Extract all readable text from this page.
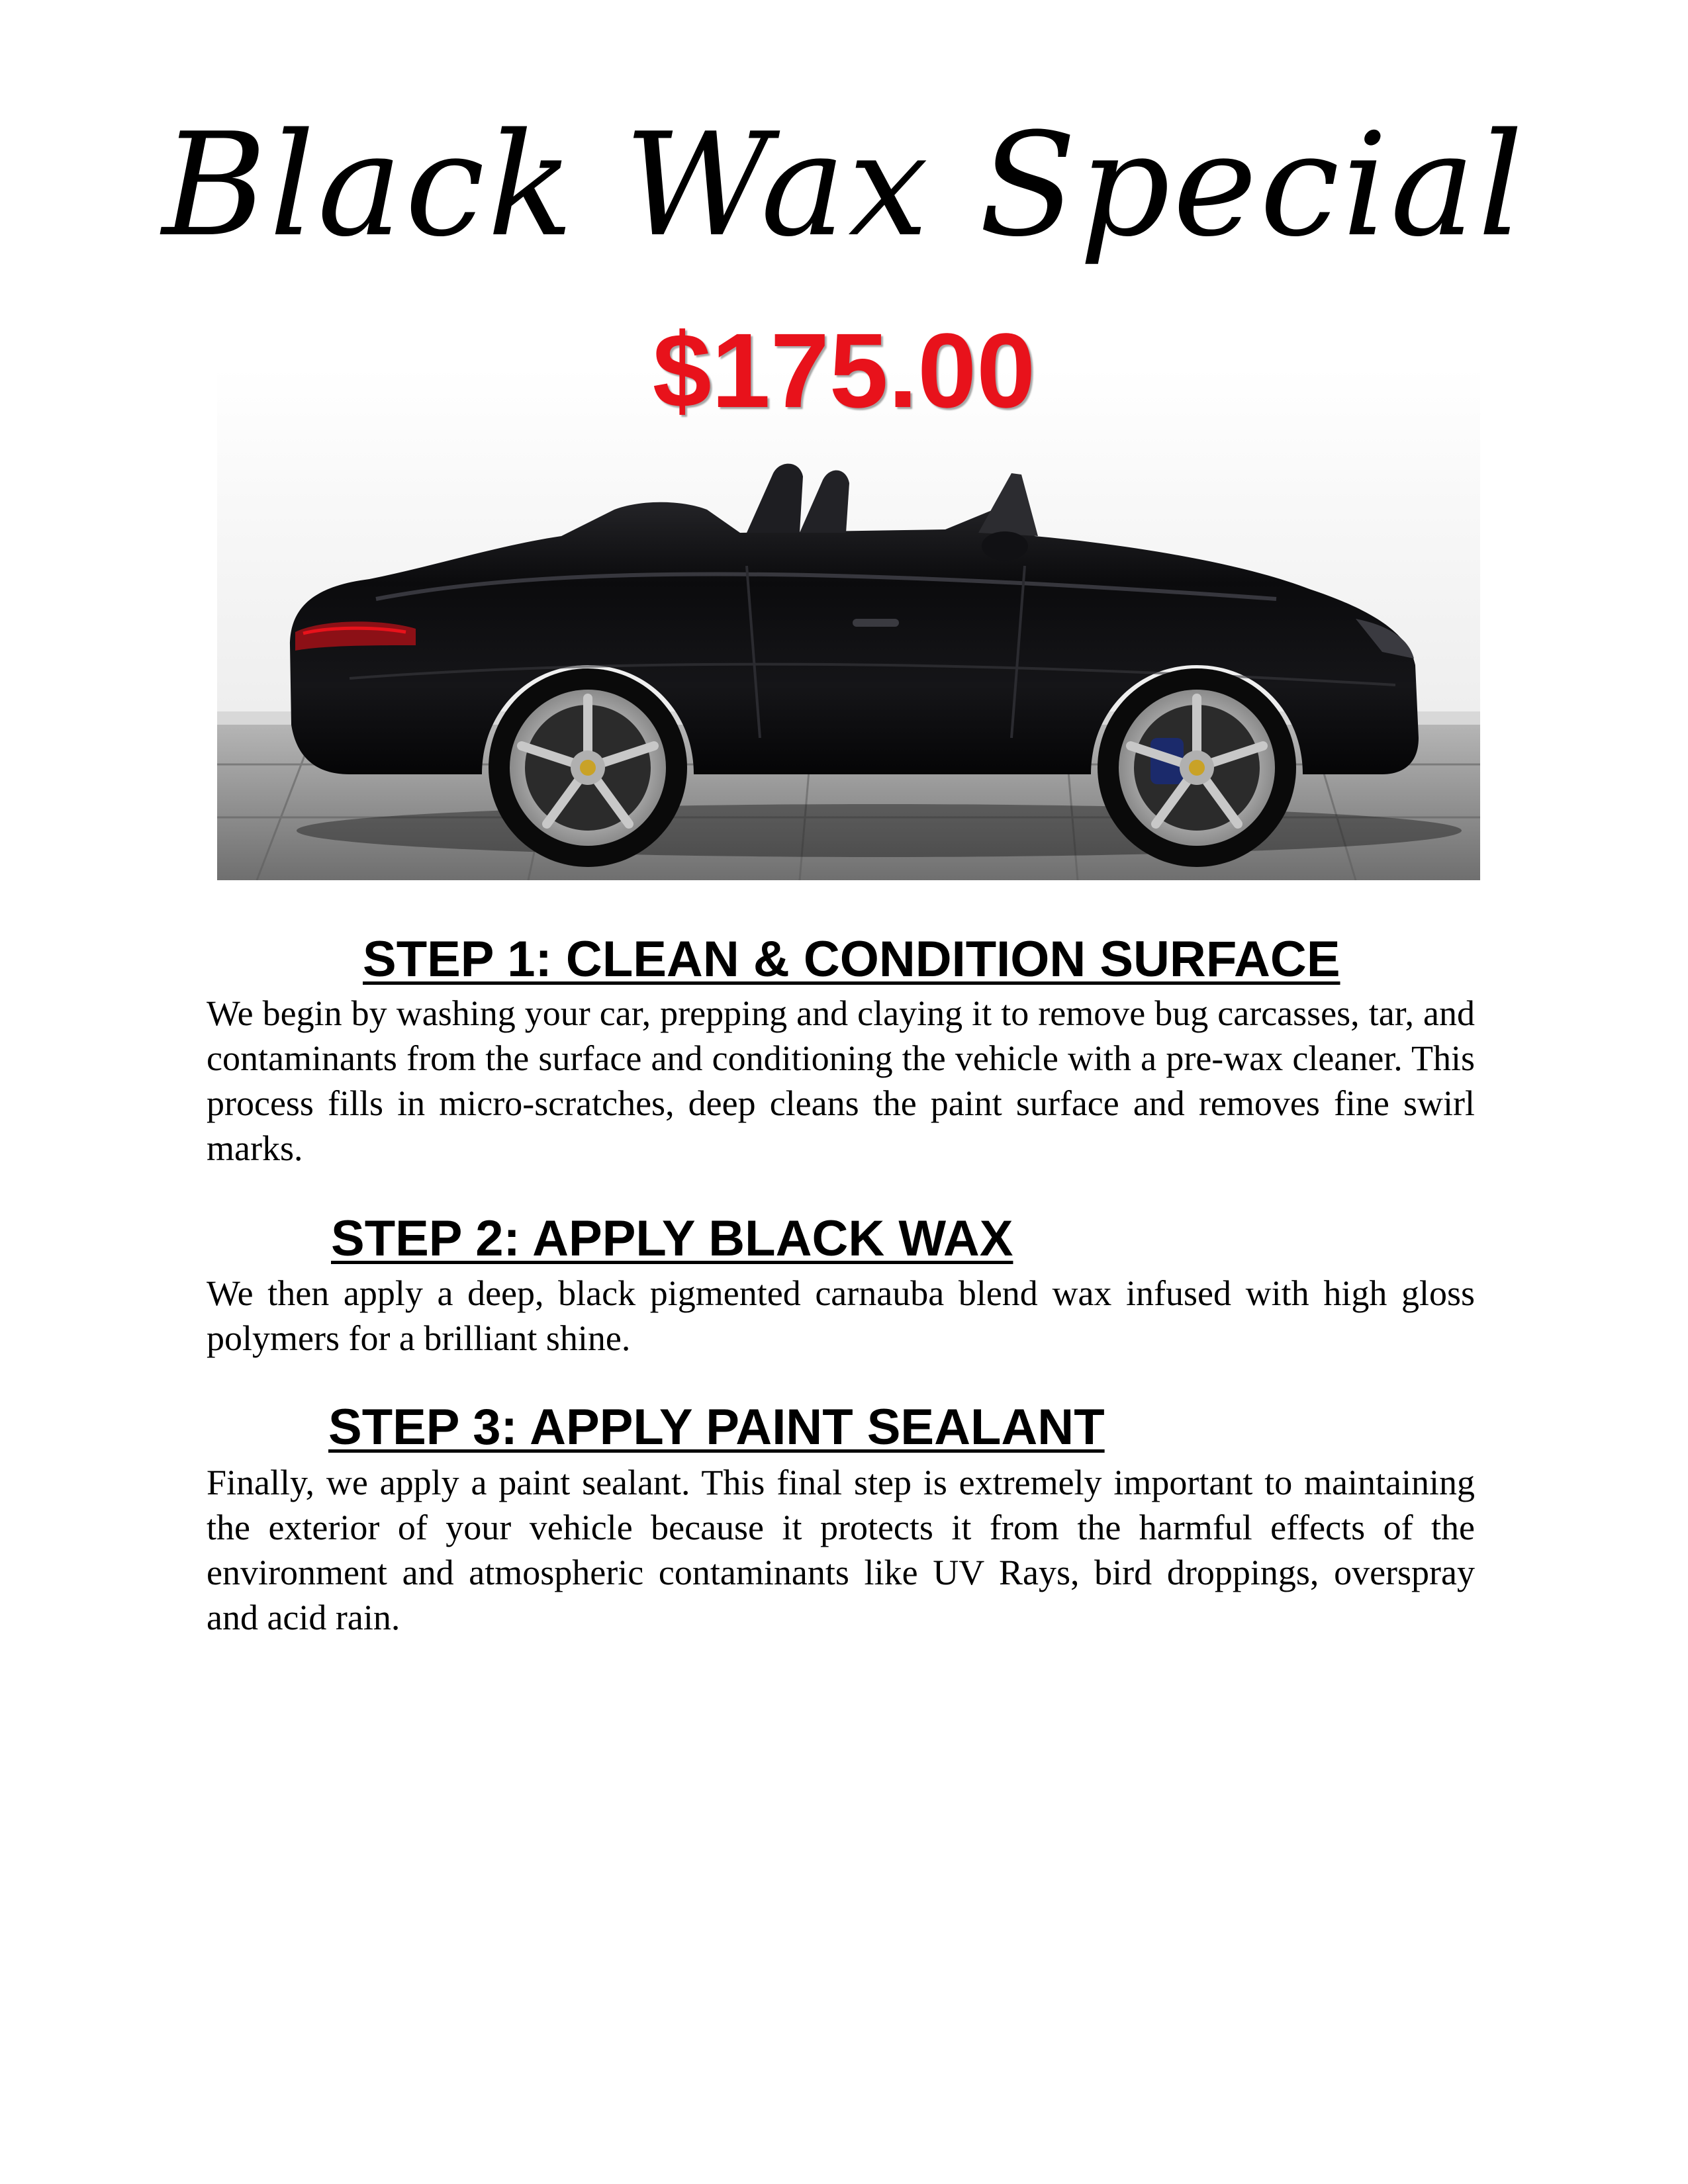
Black Wax Special
$175.00
STEP 1: CLEAN & CONDITION SURFACE

We begin by washing your car, prepping and claying it to remove bug carcasses, tar, and contaminants from the surface and conditioning the vehicle with a pre-wax cleaner. This process fills in micro-scratches, deep cleans the paint surface and removes fine swirl marks.

STEP 2: APPLY BLACK WAX

We then apply a deep, black pigmented carnauba blend wax infused with high gloss polymers for a brilliant shine.

STEP 3: APPLY PAINT SEALANT

Finally, we apply a paint sealant. This final step is extremely important to maintaining the exterior of your vehicle because it protects it from the harmful effects of the environment and atmospheric contaminants like UV Rays, bird droppings, overspray and acid rain.
